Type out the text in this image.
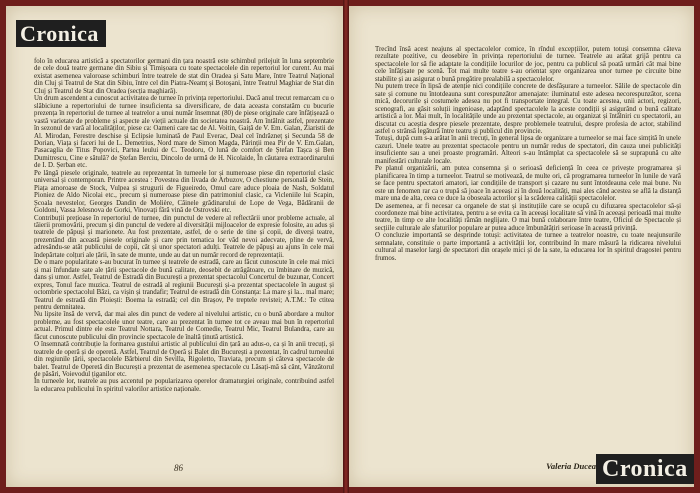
Cronica

folo în educarea artistică a spectatorilor germani din țara noastră este schimbul prilejuit în luna septembrie de cele două teatre germane din Sibiu și Timișoara cu toate spectacolele din repertoriul lor curent. Au mai existat asemenea valoroase schimburi între teatrele de stat din Oradea și Satu Mare, între Teatrul Național din Cluj și Teatrul de Stat din Sibiu, între cel din Piatra-Neamț și Botoșani, între Teatrul Maghiar de Stat din Cluj și Teatrul de Stat din Oradea (secția maghiară).
Un drum ascendent a cunoscut activitatea de turnee în privința repertoriului. Dacă anul trecut remarcam cu o slăbiciune a repertoriului de turnee insuficienta sa diversificare, de data aceasta constatăm cu bucurie prezența în repertoriul de turnee al teatrelor a unui număr însemnat (80) de piese originale care înfățișează o vastă varietate de probleme și aspecte ale vieții actuale din societatea noastră. Am întâlnit astfel, prezentate în sezonul de vară al localităților, piese ca: Oameni care tac de Al. Voitin, Gaiță de V. Em. Galan, Ziaristii de Al. Mirodan, Ferestre deschise și Eclipsie luminată de Paul Everac, Deal cel îndrăzneț și Secunda 58 de Dorian, Viața și faceri lui de L. Demetrius, Nord mare de Simon Magda, Părinții mea Pir de V. Em.Galan, Pasacaglia de Titus Popovici, Partea leului de C. Teodoru, O lună de comfort de Ștefan Tașca și Ben Dumitrescu, Cine e sătulă? de Ștefan Berciu, Dincolo de urmă de H. Nicolaide, În căutarea extraordinarului de I. D. Șerban etc.
Pe lângă piesele originale, teatrele au reprezentat în turneele lor și numeroase piese din repertoriul clasic universal și contemporan. Printre acestea : Povestea din livada de Arbuzov, O chestiune personală de Stein, Piața amoroase de Stock, Vulpea și strugurii de Figueiredo, Omul care aduce ploaia de Nash, Soldatul Pioniez de Aldo Nicolai etc., precum și numeroase piese din patrimoniul clasic, ca Vicleniile lui Scapin, Școala nevestelor, Georges Dandin de Molière, Câinele grădinarului de Lope de Vega, Bădăranii de Goldoni, Vassa Jelesnova de Gorki, Vinovați fără vină de Ostrovski etc.
Contribuții prețioase în repertoriul de turnee, din punctul de vedere al reflectării unor probleme actuale, al tăierii promovării, precum și din punctul de vedere al diversității mijloacelor de expresie folosite, au adus și teatrele de păpuși și marionete. Au fost prezentate, astfel, de o serie de tine și copii, de diverși teatre, prezentând din această piesele originale și care prin tematica lor văd nevoi adecvate, pline de vervă, adresându-se atât publicului de copii, cât și unor spectatori adulți. Teatrele de păpuși au ajuns în cele mai îndepărtate colțuri ale țării, în sate de munte, unde au dat un număr record de reprezentații.
De o mare popularitate s-au bucurat în turnee și teatrele de estradă, care au făcut cunoscute în cele mai mici și mai înfundate sate ale țării spectacole de bună calitate, deosebit de atrăgătoare, cu îmbinare de muzică, dans și umor. Astfel, Teatrul de Estradă din București a prezentat spectacolul Concertul de buzunar, Concert expres, Tonul face muzica. Teatrul de estradă al regiunii București și-a prezentat spectacolele în august și octombrie spectacolul Bâzi, ca vișin și trandafir; Teatrul de estradă din Constanța: La mare și la... mal mare; Teatrul de estradă din Ploiești: Boema la estradă; cel din Brașov, Pe treptele revistei; A.T.M.: Te ctitea pentru demnitatea.
Nu lipsite însă de vervă, dar mai ales din punct de vedere al nivelului artistic, cu o bună abordare a multor probleme, au fost spectacolele unor teatre, care au prezentat în turnee tot ce aveau mai bun în repertoriul actual. Primul dintre ele este Teatrul Nottara, Teatrul de Comedie, Teatrul Mic, Teatrul Bulandra, care au făcut cunoscute publicului din provincie spectacole de înaltă ținută artistică.
O însemnată contribuție la formarea gustului artistic al publicului din țară au adus-o, ca și în anii trecuți, și teatrele de operă și de operetă. Astfel, Teatrul de Operă și Balet din București a prezentat, în cadrul turneului din regiunile țării, spectacolele Bărbierul din Sevilla, Rigoletto, Traviata, precum și câteva spectacole de balet. Teatrul de Operetă din București a prezentat de asemenea spectacole cu Lăsați-mă să cânt, Vânzătorul de păsări, Voievodul țiganilor etc.
În turneele lor, teatrele au pus accentul pe popularizarea operelor dramaturgiei originale, contribuind astfel la educarea publicului în spiritul valorilor artistice naționale.

86

Trecînd însă acest neajuns al spectacolelor comice, în rîndul excepțiilor, putem totuși consemna câteva rezultate pozitive, cu deosebire în privința repertoriului de turnee. Teatrele au arătat grijă pentru ca spectacolele lor să fie adaptate la condițiile locurilor de joc, pentru ca publicul să poată urmări cât mai bine cele înfățișate pe scenă. Tot mai multe teatre s-au orientat spre organizarea unor turnee pe circuite bine stabilite și au asigurat o bună pregătire prealabilă a spectacolelor.
Nu putem trece în lipsă de atenție nici condițiile concrete de desfășurare a turneelor. Sălile de spectacole din sate și comune nu întotdeauna sunt corespunzător amenajate: iluminatul este adesea necorespunzător, scena mică, decorurile și costumele adesea nu pot fi transportate integral. Cu toate acestea, unii actori, regizori, scenografi, au găsit soluții ingenioase, adaptând spectacolele la aceste condiții și asigurând o bună calitate artistică a lor. Mai mult, în localitățile unde au prezentat spectacole, au organizat și întâlniri cu spectatorii, au discutat cu aceștia despre piesele prezentate, despre problemele teatrului, despre profesia de actor, stabilind astfel o strânsă legătură între teatru și publicul din provincie.
Totuși, după cum s-a arătat în anii trecuți, în general lipsa de organizare a turneelor se mai face simțită în unele cazuri. Unele teatre au prezentat spectacole pentru un număr redus de spectatori, din cauza unei publicități insuficiente sau a unei proaste programări. Alteori s-au întâmplat ca spectacolele să se suprapună cu alte manifestări culturale locale.
Pe planul organizării, am putea consemna și o serioasă deficiență în ceea ce privește programarea și planificarea în timp a turneelor. Teatrul se motivează, de multe ori, că programarea turneelor în lunile de vară se face pentru spectatori amatori, iar condițiile de transport și cazare nu sunt întotdeauna cele mai bune. Nu este un fenomen rar ca o trupă să joace în aceeași zi în două localități, mai ales când acestea se află la distanță mare una de alta, ceea ce duce la oboseala actorilor și la scăderea calității spectacolelor.
De asemenea, ar fi necesar ca organele de stat și instituțiile care se ocupă cu difuzarea spectacolelor să-și coordoneze mai bine activitatea, pentru a se evita ca în aceeași localitate să vină în aceeași perioadă mai multe teatre, în timp ce alte localități rămân neglijate. O mai bună colaborare între teatre, Oficiul de Spectacole și secțiile culturale ale sfaturilor populare ar putea aduce îmbunătățiri serioase în această privință.
O concluzie importantă se desprinde totuși: activitatea de turnee a teatrelor noastre, cu toate neajunsurile semnalate, constituie o parte importantă a activității lor, contribuind în mare măsură la ridicarea nivelului cultural al maselor largi de spectatori din orașele mici și de la sate, la educarea lor în spiritul dragostei pentru frumos.

Valeria Ducea Cronica
